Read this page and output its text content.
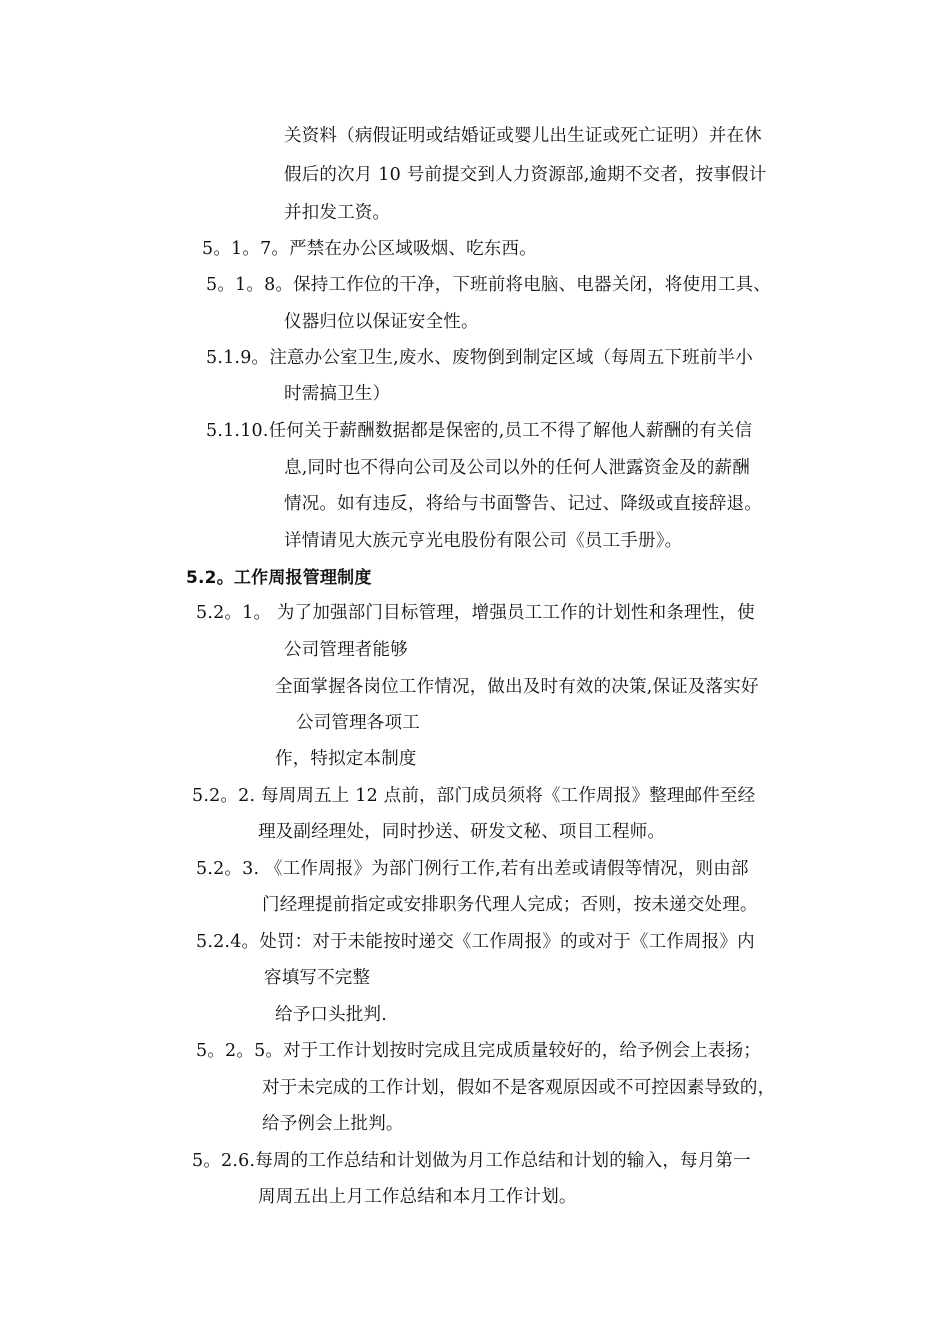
关资料（病假证明或结婚证或婴儿出生证或死亡证明）并在休
假后的次月 10 号前提交到人力资源部,逾期不交者，按事假计
并扣发工资。
5。1。7。严禁在办公区域吸烟、吃东西。
5。1。8。保持工作位的干净，下班前将电脑、电器关闭，将使用工具、
仪器归位以保证安全性。
5.1.9。注意办公室卫生,废水、废物倒到制定区域（每周五下班前半小
时需搞卫生）
5.1.10.任何关于薪酬数据都是保密的,员工不得了解他人薪酬的有关信
息,同时也不得向公司及公司以外的任何人泄露资金及的薪酬
情况。如有违反，将给与书面警告、记过、降级或直接辞退。
详情请见大族元亨光电股份有限公司《员工手册》。
5.2。工作周报管理制度
5.2。1。 为了加强部门目标管理，增强员工工作的计划性和条理性，使
公司管理者能够
全面掌握各岗位工作情况，做出及时有效的决策,保证及落实好
公司管理各项工
作，特拟定本制度
5.2。2. 每周周五上 12 点前，部门成员须将《工作周报》整理邮件至经
理及副经理处，同时抄送、研发文秘、项目工程师。
5.2。3. 《工作周报》为部门例行工作,若有出差或请假等情况，则由部
门经理提前指定或安排职务代理人完成；否则，按未递交处理。
5.2.4。处罚：对于未能按时递交《工作周报》的或对于《工作周报》内
容填写不完整
给予口头批判.
5。2。5。对于工作计划按时完成且完成质量较好的，给予例会上表扬；
对于未完成的工作计划，假如不是客观原因或不可控因素导致的，
给予例会上批判。
5。2.6.每周的工作总结和计划做为月工作总结和计划的输入，每月第一
周周五出上月工作总结和本月工作计划。
